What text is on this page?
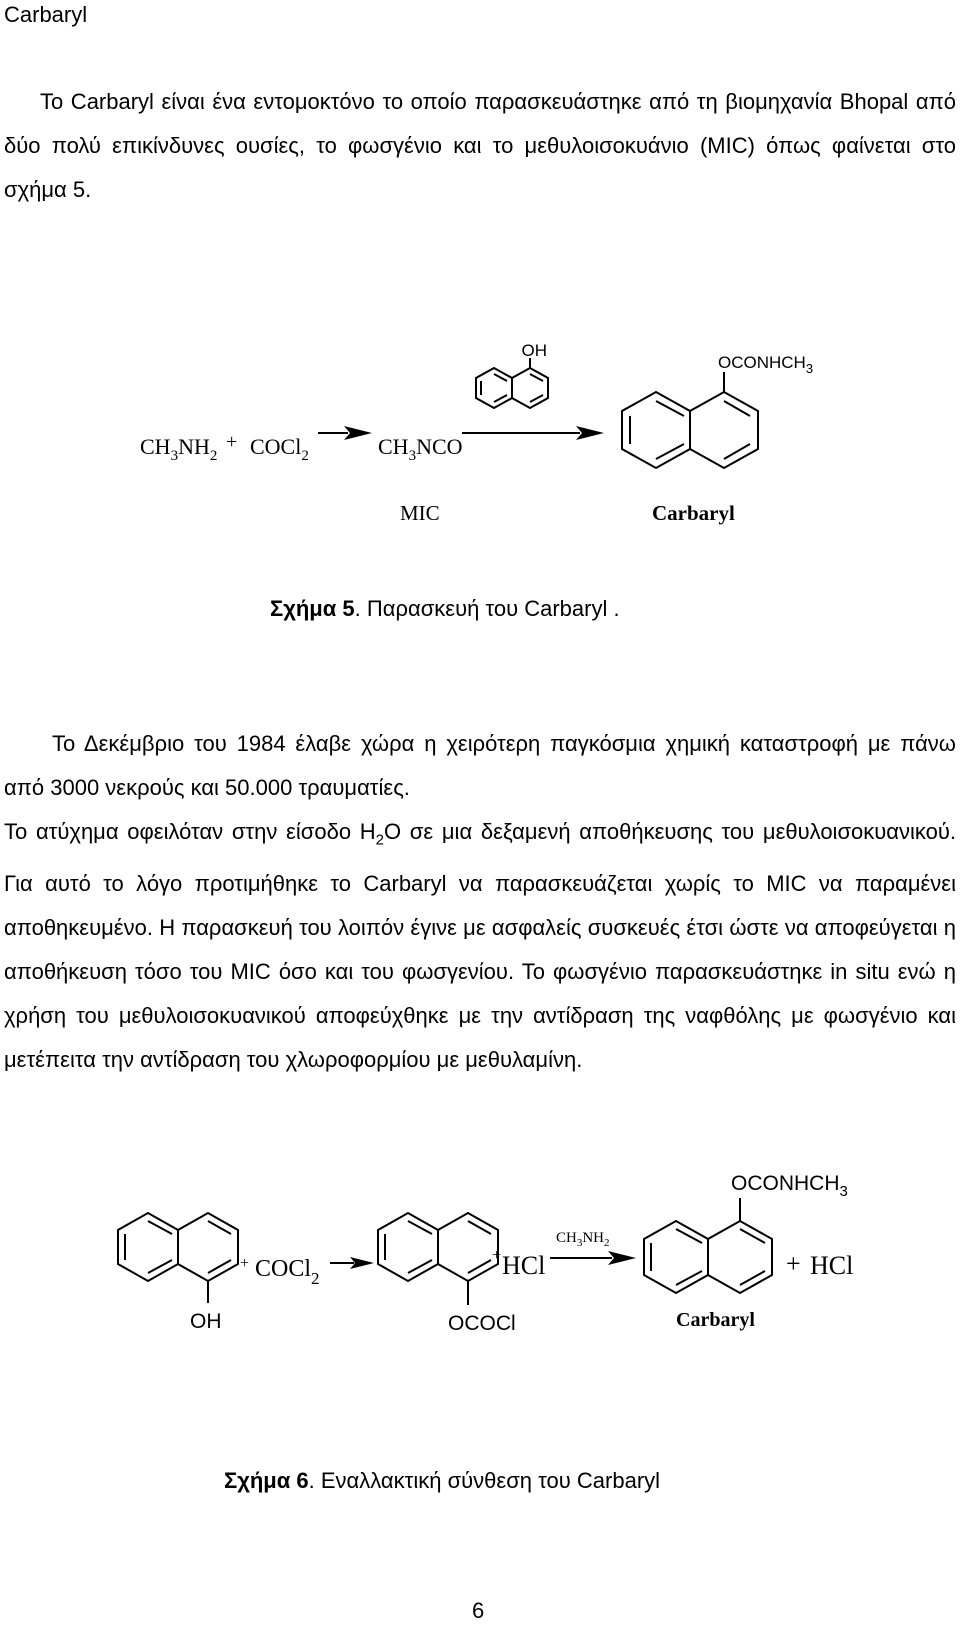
Carbaryl
Το Carbaryl είναι ένα εντομοκτόνο το οποίο παρασκευάστηκε από τη βιομηχανία Bhopal από δύο πολύ επικίνδυνες ουσίες, το φωσγένιο και το μεθυλοισοκυάνιο (MIC) όπως φαίνεται στο σχήμα 5.
$CH_3NH_2$
+ COCl$_2$	$CH_3NCO$
MIC
OH
$OCONHCH_3$
Carbaryl
Σχήμα 5. Παρασκευή του Carbaryl .
Το Δεκέμβριο του 1984 έλαβε χώρα η χειρότερη παγκόσμια χημική καταστροφή με πάνω από 3000 νεκρούς και 50.000 τραυματίες.
Το ατύχημα οφειλόταν στην είσοδο $H_2O$ σε μια δεξαμενή αποθήκευσης του μεθυλοισοκυανικού. Για αυτό το λόγο προτιμήθηκε το Carbaryl να παρασκευάζεται χωρίς το MIC να παραμένει αποθηκευμένο. Η παρασκευή του λοιπόν έγινε με ασφαλείς συσκευές έτσι ώστε να αποφεύγεται η αποθήκευση τόσο του MIC όσο και του φωσγενίου. Το φωσγένιο παρασκευάστηκε in situ ενώ η χρήση του μεθυλοισοκυανικού αποφεύχθηκε με την αντίδραση της ναφθόλης με φωσγένιο και μετέπειτα την αντίδραση του χλωροφορμίου με μεθυλαμίνη.
OH
+ COCl$_2$
OCOCl
+ HCl
$CH_3NH_2$
$OCONHCH_3$
Carbaryl
+ HCl
Σχήμα 6. Εναλλακτική σύνθεση του Carbaryl
6
